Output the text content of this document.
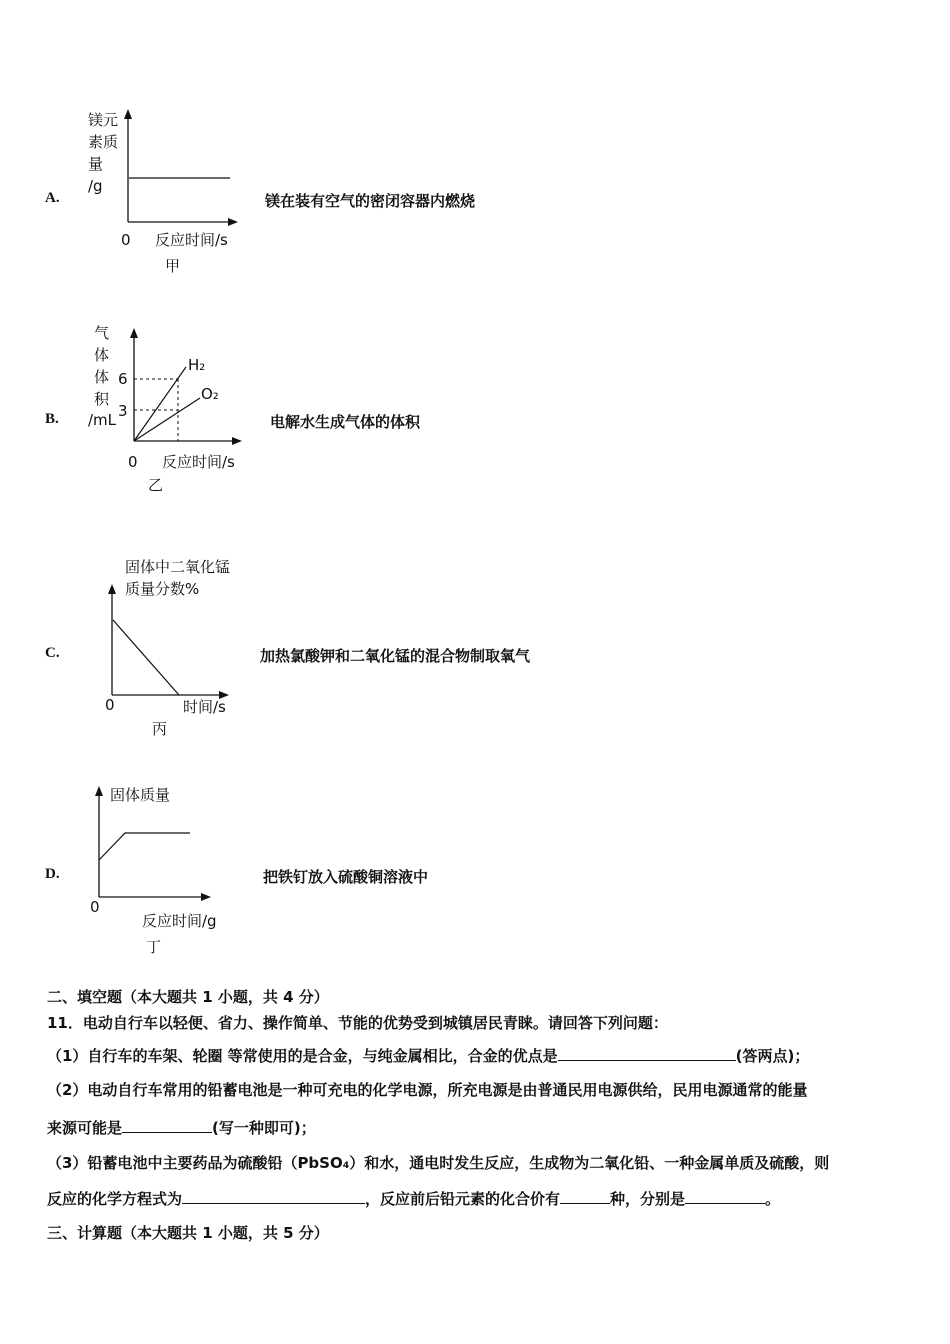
A.
镁元
素质
量
/g
0 反应时间/s
甲
镁在装有空气的密闭容器内燃烧
B.
气
体
体
积
/mL
6
3
H₂
O₂
0 反应时间/s
乙
电解水生成气体的体积
C.
固体中二氧化锰
质量分数%
0	时间/s
丙
加热氯酸钾和二氧化锰的混合物制取氧气
D.
固体质量
0
反应时间/g
丁
把铁钉放入硫酸铜溶液中
二、填空题（本大题共 1 小题，共 4 分）
11．电动自行车以轻便、省力、操作简单、节能的优势受到城镇居民青睐。请回答下列问题：
（1）自行车的车架、轮圈 等常使用的是合金，与纯金属相比，合金的优点是	(答两点)；
（2）电动自行车常用的铅蓄电池是一种可充电的化学电源，所充电源是由普通民用电源供给，民用电源通常的能量
来源可能是	(写一种即可)；
（3）铅蓄电池中主要药品为硫酸铅（PbSO₄）和水，通电时发生反应，生成物为二氧化铅、一种金属单质及硫酸，则
反应的化学方程式为	，反应前后铅元素的化合价有	种，分别是	。
三、计算题（本大题共 1 小题，共 5 分）
